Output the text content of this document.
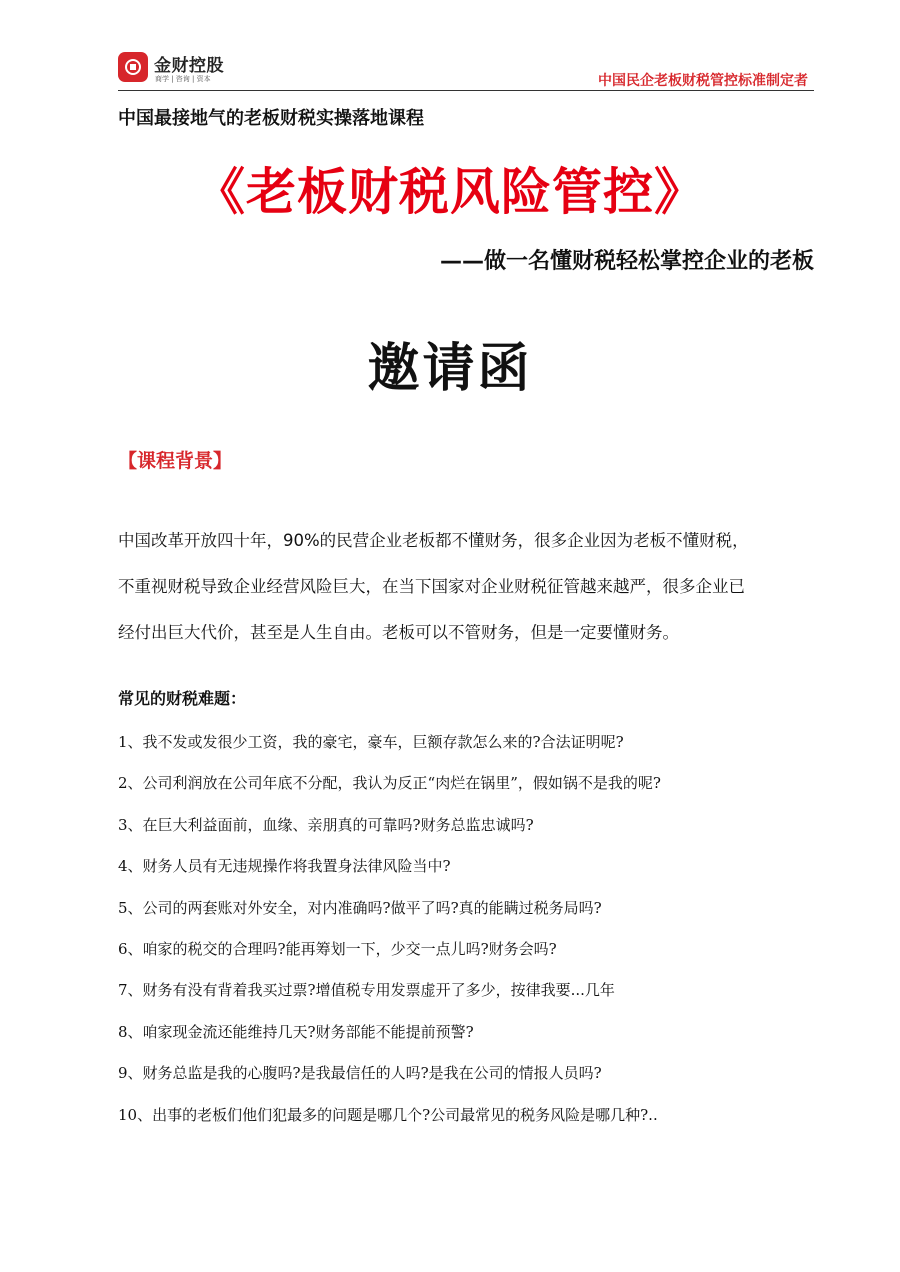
金财控股
商学 | 咨询 | 资本	中国民企老板财税管控标准制定者
中国最接地气的老板财税实操落地课程
《老板财税风险管控》
——做一名懂财税轻松掌控企业的老板
邀请函
【课程背景】
中国改革开放四十年，90%的民营企业老板都不懂财务，很多企业因为老板不懂财税，
不重视财税导致企业经营风险巨大，在当下国家对企业财税征管越来越严，很多企业已
经付出巨大代价，甚至是人生自由。老板可以不管财务，但是一定要懂财务。
常见的财税难题：
1、我不发或发很少工资，我的豪宅，豪车，巨额存款怎么来的?合法证明呢?
2、公司利润放在公司年底不分配，我认为反正“肉烂在锅里”，假如锅不是我的呢?
3、在巨大利益面前，血缘、亲朋真的可靠吗?财务总监忠诚吗?
4、财务人员有无违规操作将我置身法律风险当中?
5、公司的两套账对外安全，对内准确吗?做平了吗?真的能瞒过税务局吗?
6、咱家的税交的合理吗?能再筹划一下，少交一点儿吗?财务会吗?
7、财务有没有背着我买过票?增值税专用发票虚开了多少，按律我要...几年
8、咱家现金流还能维持几天?财务部能不能提前预警?
9、财务总监是我的心腹吗?是我最信任的人吗?是我在公司的情报人员吗?
10、出事的老板们他们犯最多的问题是哪几个?公司最常见的税务风险是哪几种?..
